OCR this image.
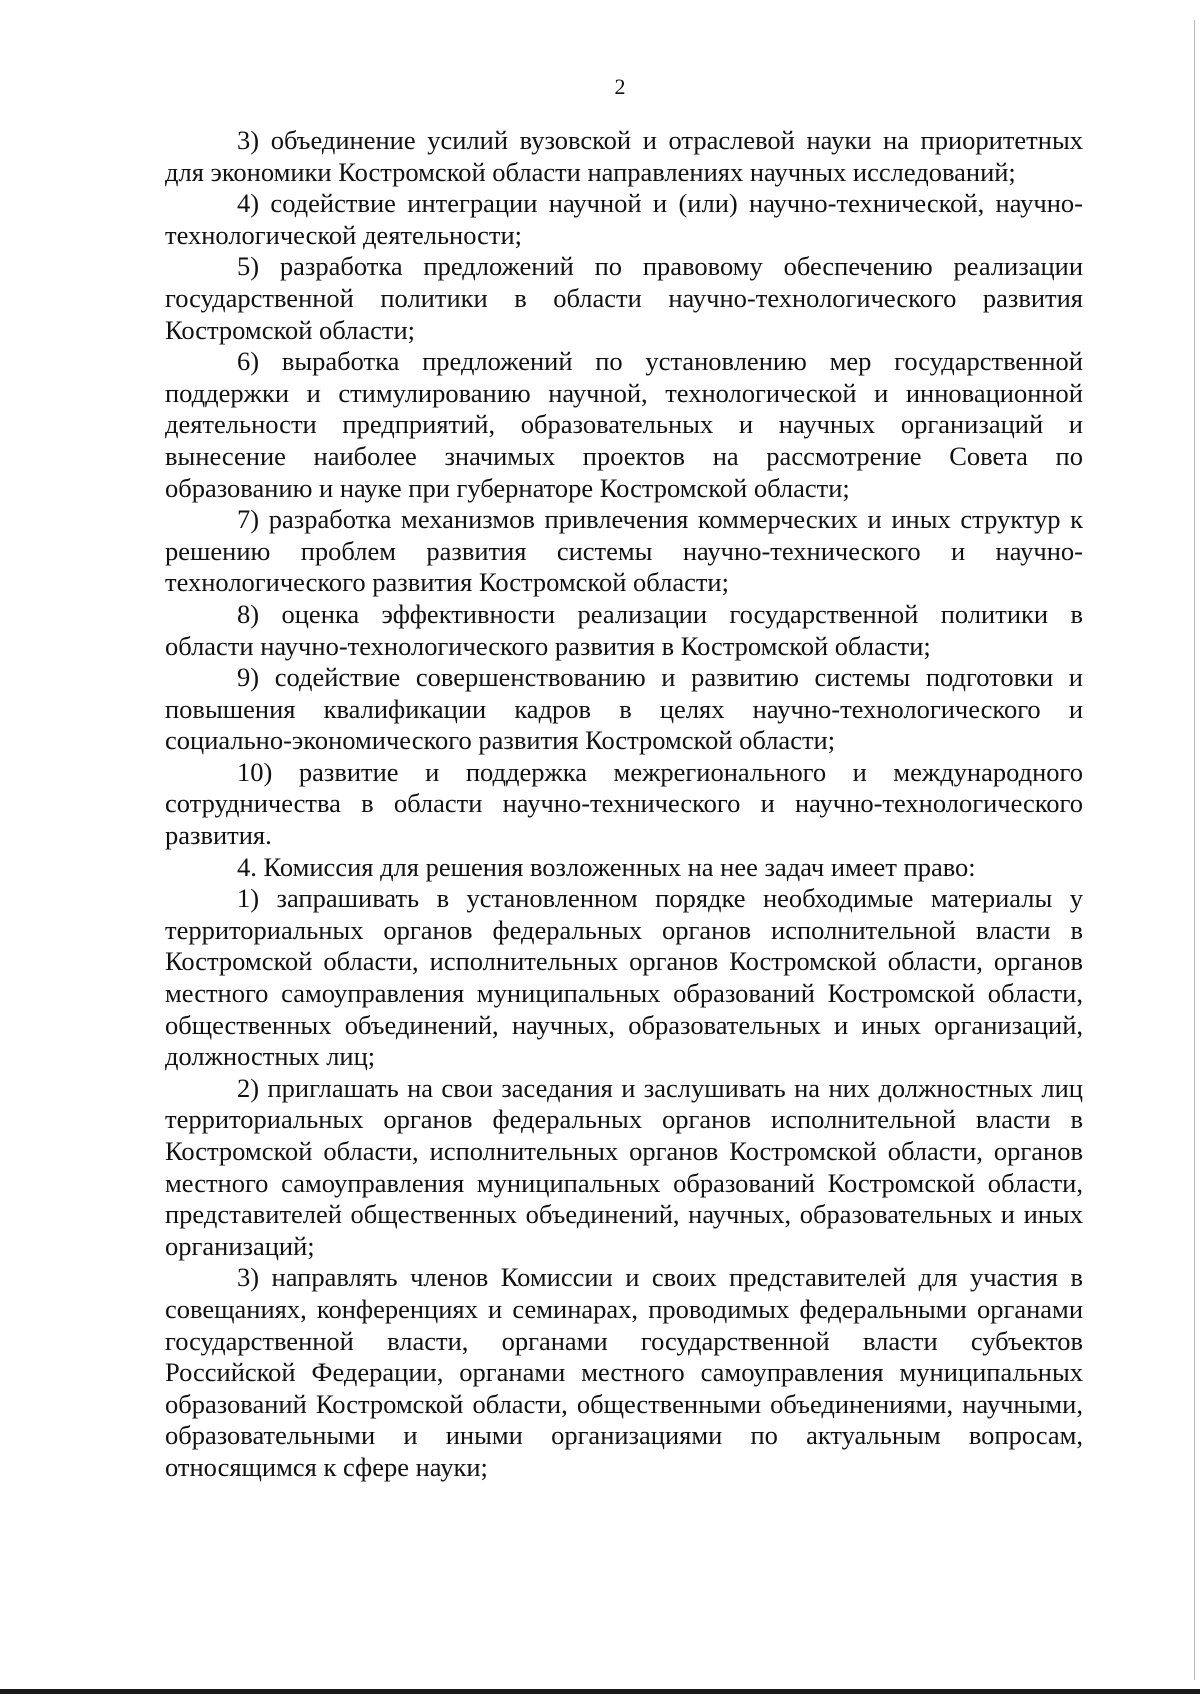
2

3) объединение усилий вузовской и отраслевой науки на приоритетных для экономики Костромской области направлениях научных исследований;

4) содействие интеграции научной и (или) научно-технической, научно-технологической деятельности;

5) разработка предложений по правовому обеспечению реализации государственной политики в области научно-технологического развития Костромской области;

6) выработка предложений по установлению мер государственной поддержки и стимулированию научной, технологической и инновационной деятельности предприятий, образовательных и научных организаций и вынесение наиболее значимых проектов на рассмотрение Совета по образованию и науке при губернаторе Костромской области;

7) разработка механизмов привлечения коммерческих и иных структур к решению проблем развития системы научно-технического и научно-технологического развития Костромской области;

8) оценка эффективности реализации государственной политики в области научно-технологического развития в Костромской области;

9) содействие совершенствованию и развитию системы подготовки и повышения квалификации кадров в целях научно-технологического и социально-экономического развития Костромской области;

10) развитие и поддержка межрегионального и международного сотрудничества в области научно-технического и научно-технологического развития.

4. Комиссия для решения возложенных на нее задач имеет право:

1) запрашивать в установленном порядке необходимые материалы у территориальных органов федеральных органов исполнительной власти в Костромской области, исполнительных органов Костромской области, органов местного самоуправления муниципальных образований Костромской области, общественных объединений, научных, образовательных и иных организаций, должностных лиц;

2) приглашать на свои заседания и заслушивать на них должностных лиц территориальных органов федеральных органов исполнительной власти в Костромской области, исполнительных органов Костромской области, органов местного самоуправления муниципальных образований Костромской области, представителей общественных объединений, научных, образовательных и иных организаций;

3) направлять членов Комиссии и своих представителей для участия в совещаниях, конференциях и семинарах, проводимых федеральными органами государственной власти, органами государственной власти субъектов Российской Федерации, органами местного самоуправления муниципальных образований Костромской области, общественными объединениями, научными, образовательными и иными организациями по актуальным вопросам, относящимся к сфере науки;
